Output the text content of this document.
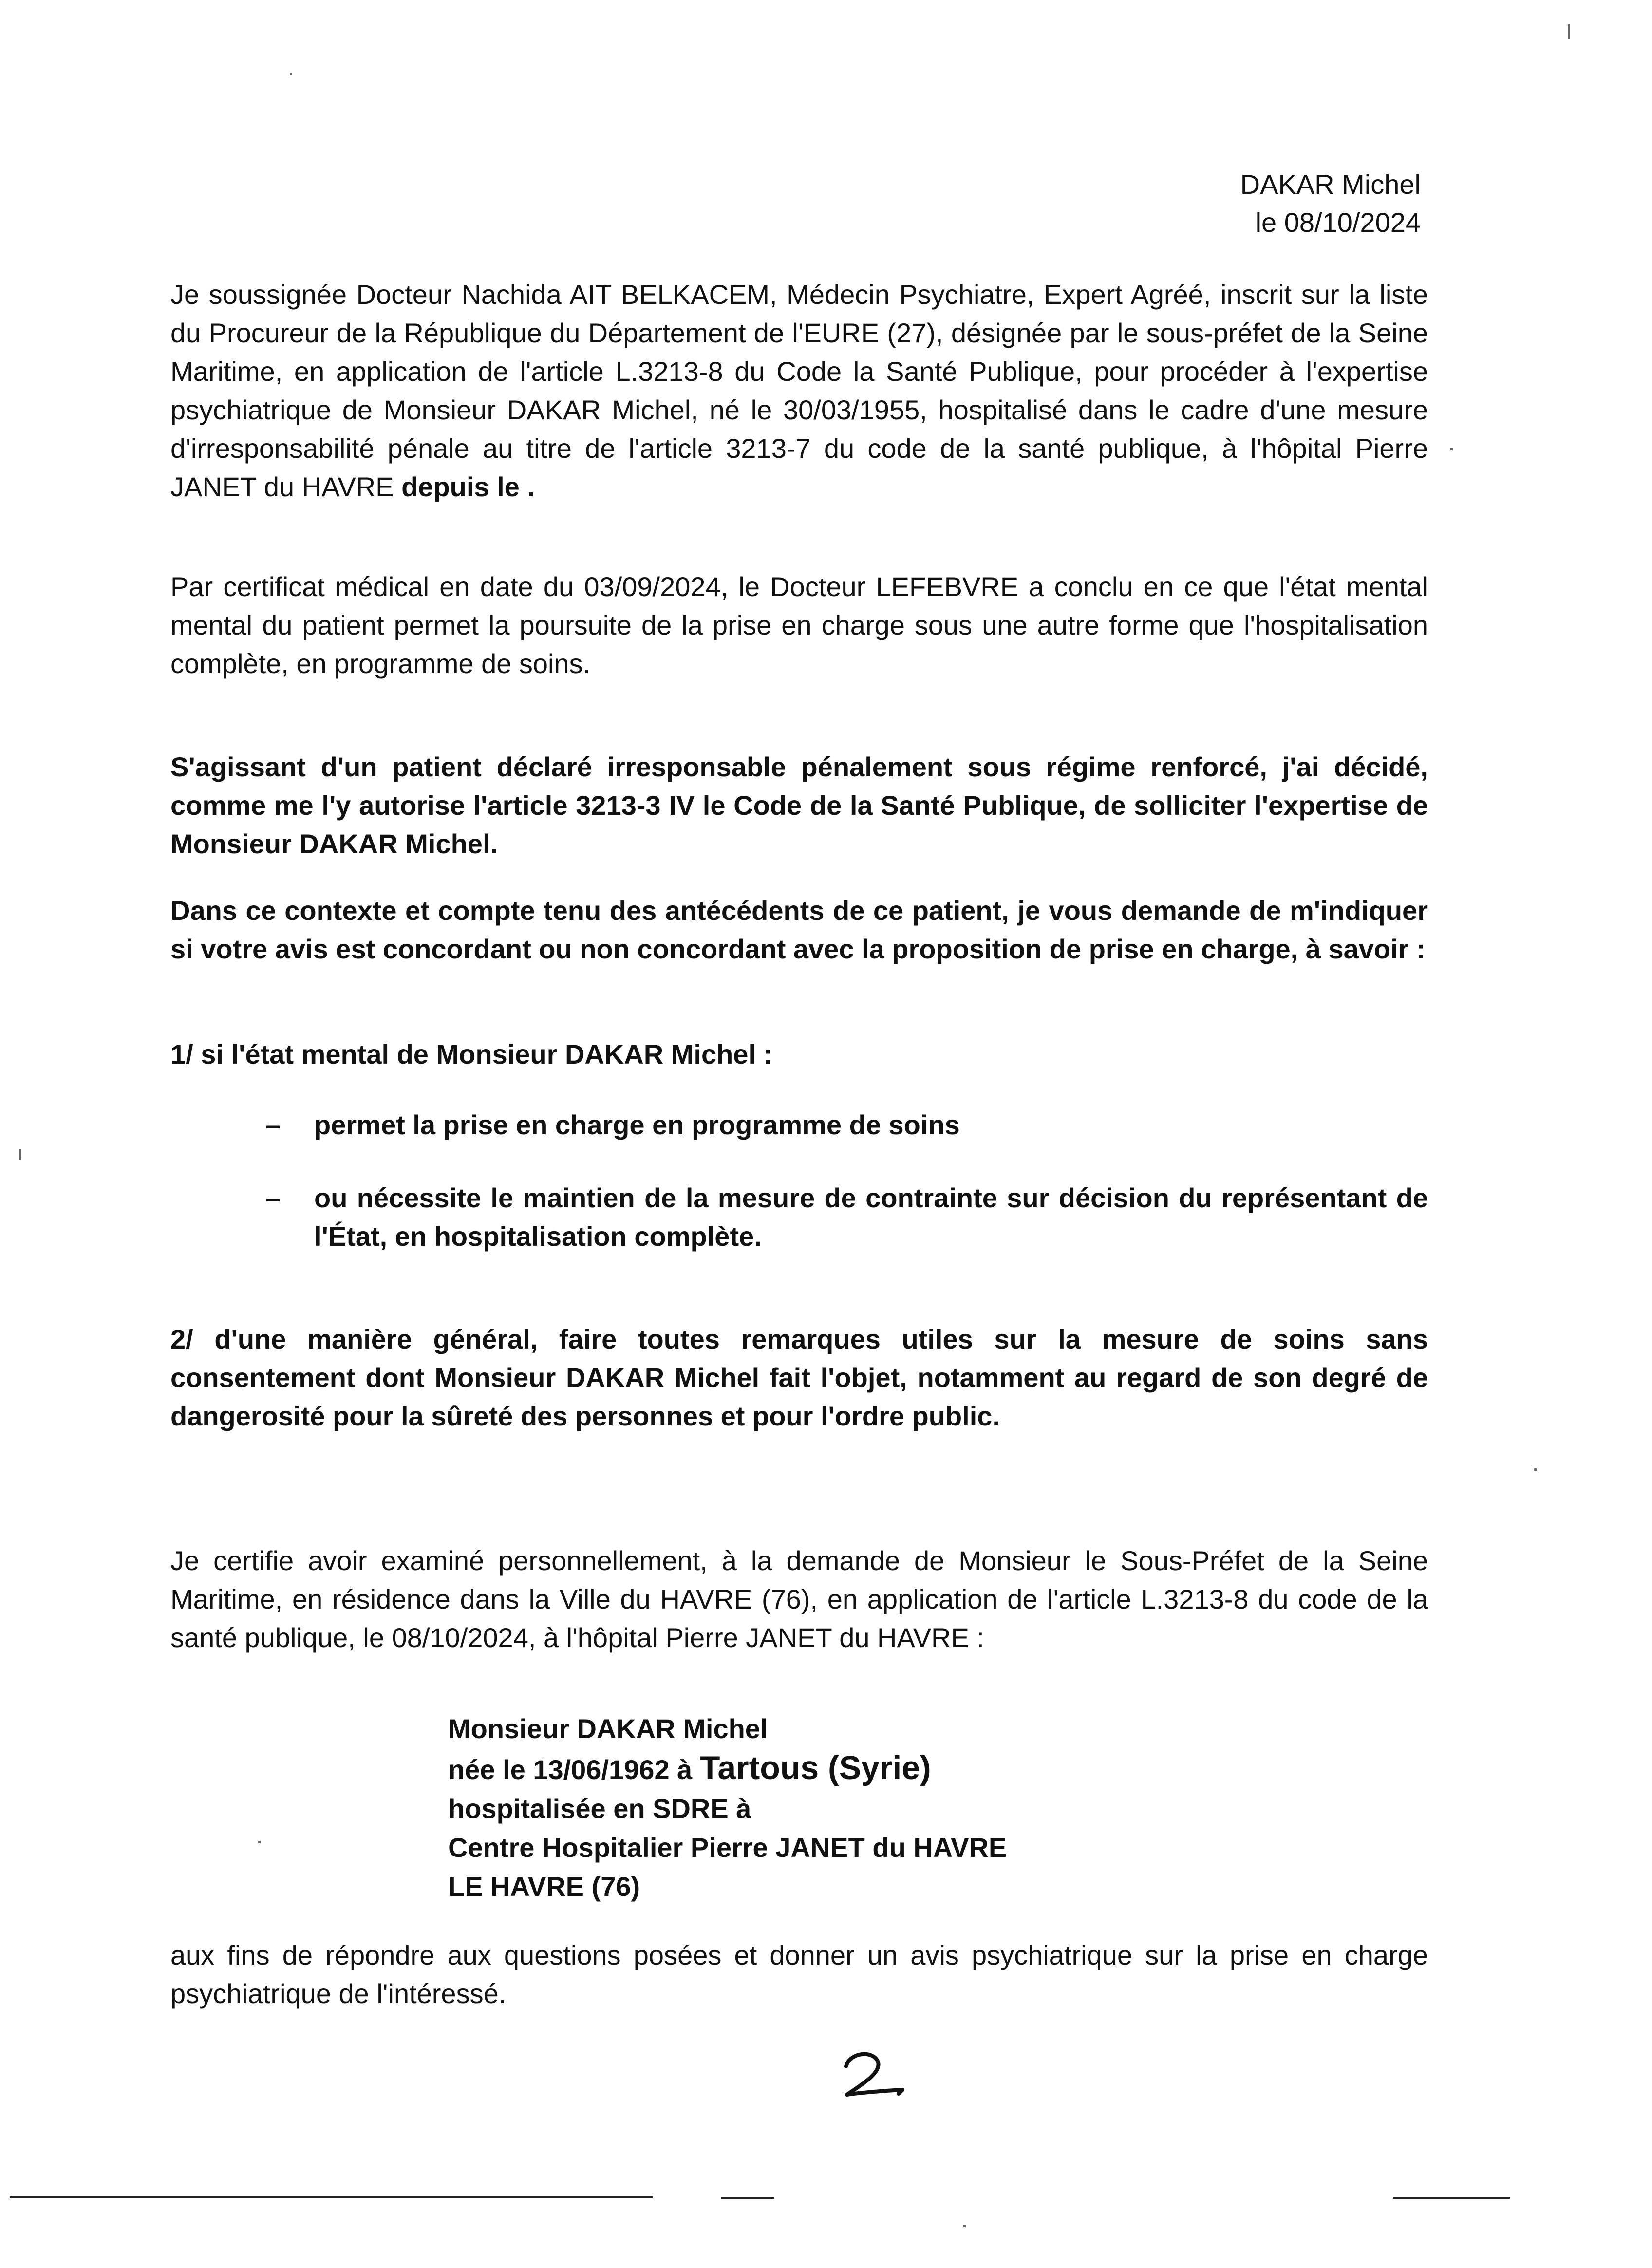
DAKAR Michel
le 08/10/2024

Je soussignée Docteur Nachida AIT BELKACEM, Médecin Psychiatre, Expert Agréé, inscrit sur la liste du Procureur de la République du Département de l'EURE (27), désignée par le sous-préfet de la Seine Maritime, en application de l'article L.3213-8 du Code la Santé Publique, pour procéder à l'expertise psychiatrique de Monsieur DAKAR Michel, né le 30/03/1955, hospitalisé dans le cadre d'une mesure d'irresponsabilité pénale au titre de l'article 3213-7 du code de la santé publique, à l'hôpital Pierre JANET du HAVRE depuis le .

Par certificat médical en date du 03/09/2024, le Docteur LEFEBVRE a conclu en ce que l'état mental mental du patient permet la poursuite de la prise en charge sous une autre forme que l'hospitalisation complète, en programme de soins.

S'agissant d'un patient déclaré irresponsable pénalement sous régime renforcé, j'ai décidé, comme me l'y autorise l'article 3213-3 IV le Code de la Santé Publique, de solliciter l'expertise de Monsieur DAKAR Michel.

Dans ce contexte et compte tenu des antécédents de ce patient, je vous demande de m'indiquer si votre avis est concordant ou non concordant avec la proposition de prise en charge, à savoir :

1/ si l'état mental de Monsieur DAKAR Michel :

–	permet la prise en charge en programme de soins
–	ou nécessite le maintien de la mesure de contrainte sur décision du représentant de l'État, en hospitalisation complète.

2/ d'une manière général, faire toutes remarques utiles sur la mesure de soins sans consentement dont Monsieur DAKAR Michel fait l'objet, notamment au regard de son degré de dangerosité pour la sûreté des personnes et pour l'ordre public.

Je certifie avoir examiné personnellement, à la demande de Monsieur le Sous-Préfet de la Seine Maritime, en résidence dans la Ville du HAVRE (76), en application de l'article L.3213-8 du code de la santé publique, le 08/10/2024, à l'hôpital Pierre JANET du HAVRE :

Monsieur DAKAR Michel
née le 13/06/1962 à Tartous (Syrie)
hospitalisée en SDRE à
Centre Hospitalier Pierre JANET du HAVRE
LE HAVRE (76)

aux fins de répondre aux questions posées et donner un avis psychiatrique sur la prise en charge psychiatrique de l'intéressé.
